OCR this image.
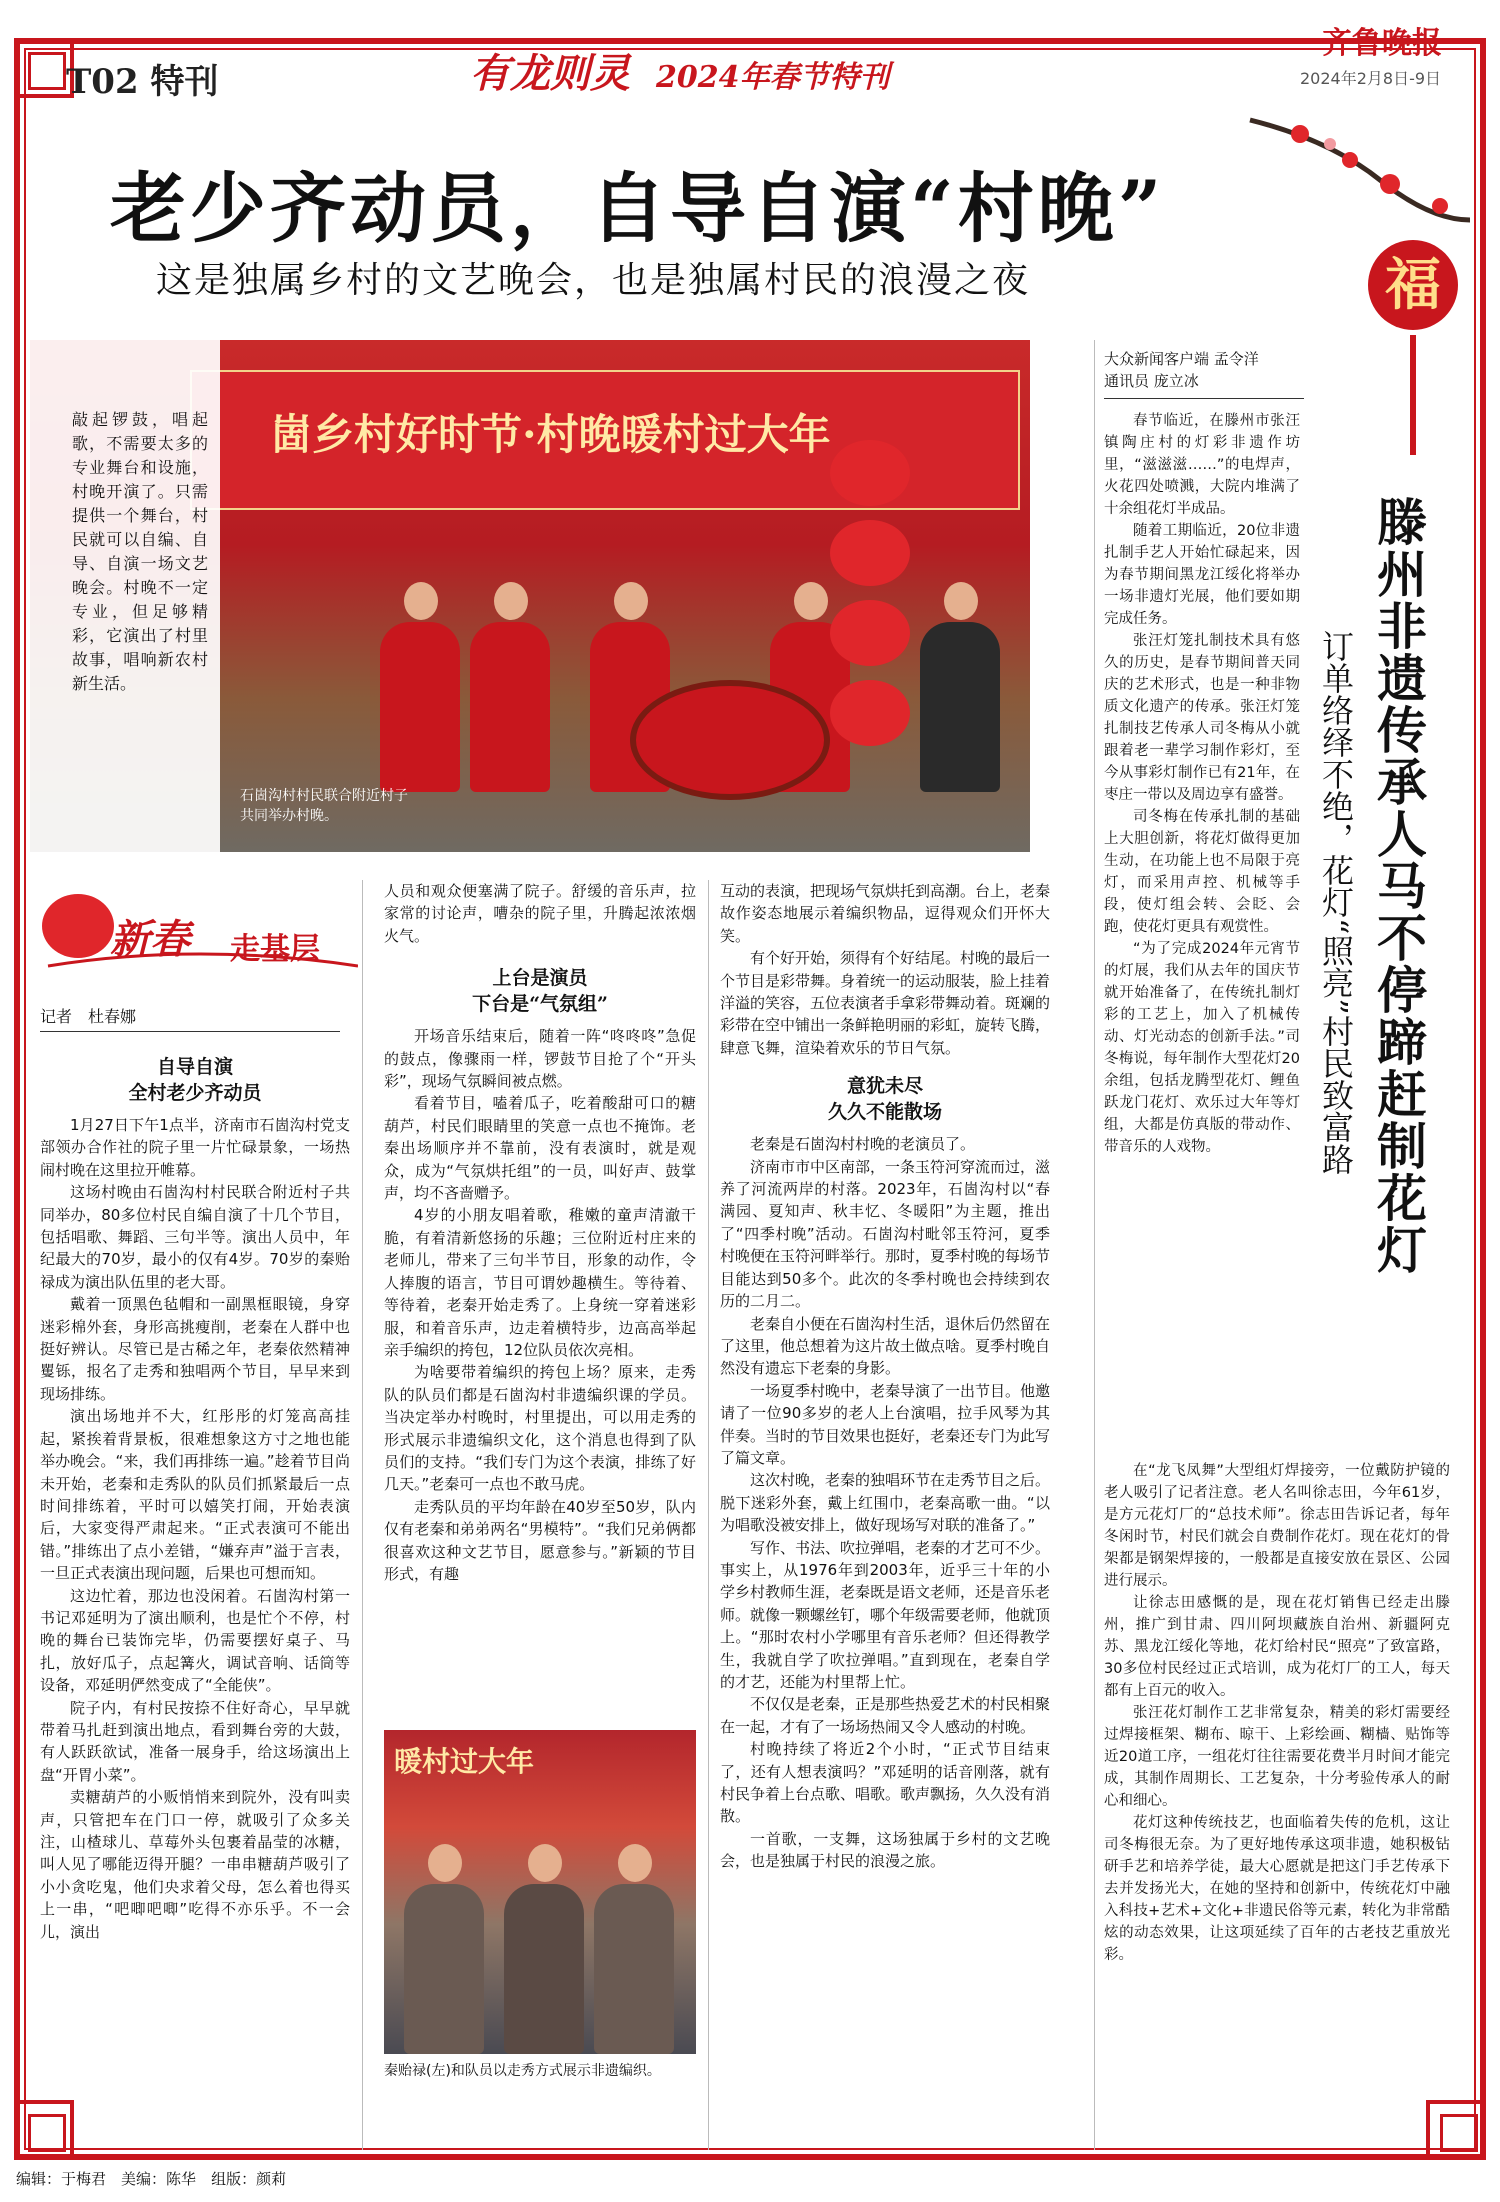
T02 特刊	有龙则灵 2024年春节特刊
齐鲁晚报
2024年2月8日-9日
福
老少齐动员，自导自演“村晚”
这是独属乡村的文艺晚会，也是独属村民的浪漫之夜
崮乡村好时节·村晚暖村过大年

敲起锣鼓，唱起歌，不需要太多的专业舞台和设施，村晚开演了。只需提供一个舞台，村民就可以自编、自导、自演一场文艺晚会。村晚不一定专业，但足够精彩，它演出了村里故事，唱响新农村新生活。

石崮沟村村民联合附近村子共同举办村晚。
新春 走基层
记者　杜春娜
自导自演
全村老少齐动员

1月27日下午1点半，济南市石崮沟村党支部领办合作社的院子里一片忙碌景象，一场热闹村晚在这里拉开帷幕。

这场村晚由石崮沟村村民联合附近村子共同举办，80多位村民自编自演了十几个节目，包括唱歌、舞蹈、三句半等。演出人员中，年纪最大的70岁，最小的仅有4岁。70岁的秦贻禄成为演出队伍里的老大哥。

戴着一顶黑色毡帽和一副黑框眼镜，身穿迷彩棉外套，身形高挑瘦削，老秦在人群中也挺好辨认。尽管已是古稀之年，老秦依然精神矍铄，报名了走秀和独唱两个节目，早早来到现场排练。

演出场地并不大，红彤彤的灯笼高高挂起，紧挨着背景板，很难想象这方寸之地也能举办晚会。“来，我们再排练一遍。”趁着节目尚未开始，老秦和走秀队的队员们抓紧最后一点时间排练着，平时可以嬉笑打闹，开始表演后，大家变得严肃起来。“正式表演可不能出错。”排练出了点小差错，“嫌弃声”溢于言表，一旦正式表演出现问题，后果也可想而知。

这边忙着，那边也没闲着。石崮沟村第一书记邓延明为了演出顺利，也是忙个不停，村晚的舞台已装饰完毕，仍需要摆好桌子、马扎，放好瓜子，点起篝火，调试音响、话筒等设备，邓延明俨然变成了“全能侠”。

院子内，有村民按捺不住好奇心，早早就带着马扎赶到演出地点，看到舞台旁的大鼓，有人跃跃欲试，准备一展身手，给这场演出上盘“开胃小菜”。

卖糖葫芦的小贩悄悄来到院外，没有叫卖声，只管把车在门口一停，就吸引了众多关注，山楂球儿、草莓外头包裹着晶莹的冰糖，叫人见了哪能迈得开腿？一串串糖葫芦吸引了小小贪吃鬼，他们央求着父母，怎么着也得买上一串，“吧唧吧唧”吃得不亦乐乎。不一会儿，演出

人员和观众便塞满了院子。舒缓的音乐声，拉家常的讨论声，嘈杂的院子里，升腾起浓浓烟火气。

上台是演员
下台是“气氛组”

开场音乐结束后，随着一阵“咚咚咚”急促的鼓点，像骤雨一样，锣鼓节目抢了个“开头彩”，现场气氛瞬间被点燃。

看着节目，嗑着瓜子，吃着酸甜可口的糖葫芦，村民们眼睛里的笑意一点也不掩饰。老秦出场顺序并不靠前，没有表演时，就是观众，成为“气氛烘托组”的一员，叫好声、鼓掌声，均不吝啬赠予。

4岁的小朋友唱着歌，稚嫩的童声清澈干脆，有着清新悠扬的乐趣；三位附近村庄来的老师儿，带来了三句半节目，形象的动作，令人捧腹的语言，节目可谓妙趣横生。等待着、等待着，老秦开始走秀了。上身统一穿着迷彩服，和着音乐声，边走着横特步，边高高举起亲手编织的挎包，12位队员依次亮相。

为啥要带着编织的挎包上场？原来，走秀队的队员们都是石崮沟村非遗编织课的学员。当决定举办村晚时，村里提出，可以用走秀的形式展示非遗编织文化，这个消息也得到了队员们的支持。“我们专门为这个表演，排练了好几天。”老秦可一点也不敢马虎。

走秀队员的平均年龄在40岁至50岁，队内仅有老秦和弟弟两名“男模特”。“我们兄弟俩都很喜欢这种文艺节目，愿意参与。”新颖的节目形式，有趣

暖村过大年
秦贻禄(左)和队员以走秀方式展示非遗编织。

互动的表演，把现场气氛烘托到高潮。台上，老秦故作姿态地展示着编织物品，逗得观众们开怀大笑。

有个好开始，须得有个好结尾。村晚的最后一个节目是彩带舞。身着统一的运动服装，脸上挂着洋溢的笑容，五位表演者手拿彩带舞动着。斑斓的彩带在空中铺出一条鲜艳明丽的彩虹，旋转飞腾，肆意飞舞，渲染着欢乐的节日气氛。

意犹未尽
久久不能散场

老秦是石崮沟村村晚的老演员了。

济南市市中区南部，一条玉符河穿流而过，滋养了河流两岸的村落。2023年，石崮沟村以“春满园、夏知声、秋丰忆、冬暖阳”为主题，推出了“四季村晚”活动。石崮沟村毗邻玉符河，夏季村晚便在玉符河畔举行。那时，夏季村晚的每场节目能达到50多个。此次的冬季村晚也会持续到农历的二月二。

老秦自小便在石崮沟村生活，退休后仍然留在了这里，他总想着为这片故土做点啥。夏季村晚自然没有遗忘下老秦的身影。

一场夏季村晚中，老秦导演了一出节目。他邀请了一位90多岁的老人上台演唱，拉手风琴为其伴奏。当时的节目效果也挺好，老秦还专门为此写了篇文章。

这次村晚，老秦的独唱环节在走秀节目之后。脱下迷彩外套，戴上红围巾，老秦高歌一曲。“以为唱歌没被安排上，做好现场写对联的准备了。”

写作、书法、吹拉弹唱，老秦的才艺可不少。事实上，从1976年到2003年，近乎三十年的小学乡村教师生涯，老秦既是语文老师，还是音乐老师。就像一颗螺丝钉，哪个年级需要老师，他就顶上。“那时农村小学哪里有音乐老师？但还得教学生，我就自学了吹拉弹唱。”直到现在，老秦自学的才艺，还能为村里帮上忙。

不仅仅是老秦，正是那些热爱艺术的村民相聚在一起，才有了一场场热闹又令人感动的村晚。

村晚持续了将近2个小时，“正式节目结束了，还有人想表演吗？”邓延明的话音刚落，就有村民争着上台点歌、唱歌。歌声飘扬，久久没有消散。

一首歌，一支舞，这场独属于乡村的文艺晚会，也是独属于村民的浪漫之旅。

大众新闻客户端 孟令洋
通讯员 庞立冰
滕州非遗传承人马不停蹄赶制花灯
订单络绎不绝，花灯“照亮”村民致富路

春节临近，在滕州市张汪镇陶庄村的灯彩非遗作坊里，“滋滋滋……”的电焊声，火花四处喷溅，大院内堆满了十余组花灯半成品。

随着工期临近，20位非遗扎制手艺人开始忙碌起来，因为春节期间黑龙江绥化将举办一场非遗灯光展，他们要如期完成任务。

张汪灯笼扎制技术具有悠久的历史，是春节期间普天同庆的艺术形式，也是一种非物质文化遗产的传承。张汪灯笼扎制技艺传承人司冬梅从小就跟着老一辈学习制作彩灯，至今从事彩灯制作已有21年，在枣庄一带以及周边享有盛誉。

司冬梅在传承扎制的基础上大胆创新，将花灯做得更加生动，在功能上也不局限于亮灯，而采用声控、机械等手段，使灯组会转、会眨、会跑，使花灯更具有观赏性。

“为了完成2024年元宵节的灯展，我们从去年的国庆节就开始准备了，在传统扎制灯彩的工艺上，加入了机械传动、灯光动态的创新手法。”司冬梅说，每年制作大型花灯20余组，包括龙腾型花灯、鲤鱼跃龙门花灯、欢乐过大年等灯组，大都是仿真版的带动作、带音乐的人戏物。

在“龙飞凤舞”大型组灯焊接旁，一位戴防护镜的老人吸引了记者注意。老人名叫徐志田，今年61岁，是方元花灯厂的“总技术师”。徐志田告诉记者，每年冬闲时节，村民们就会自费制作花灯。现在花灯的骨架都是钢架焊接的，一般都是直接安放在景区、公园进行展示。

让徐志田感慨的是，现在花灯销售已经走出滕州，推广到甘肃、四川阿坝藏族自治州、新疆阿克苏、黑龙江绥化等地，花灯给村民“照亮”了致富路，30多位村民经过正式培训，成为花灯厂的工人，每天都有上百元的收入。

张汪花灯制作工艺非常复杂，精美的彩灯需要经过焊接框架、糊布、晾干、上彩绘画、糊樯、贴饰等近20道工序，一组花灯往往需要花费半月时间才能完成，其制作周期长、工艺复杂，十分考验传承人的耐心和细心。

花灯这种传统技艺，也面临着失传的危机，这让司冬梅很无奈。为了更好地传承这项非遗，她积极钻研手艺和培养学徒，最大心愿就是把这门手艺传承下去并发扬光大，在她的坚持和创新中，传统花灯中融入科技+艺术+文化+非遗民俗等元素，转化为非常酷炫的动态效果，让这项延续了百年的古老技艺重放光彩。

编辑：于梅君　 美编：陈华　 组版：颜莉
